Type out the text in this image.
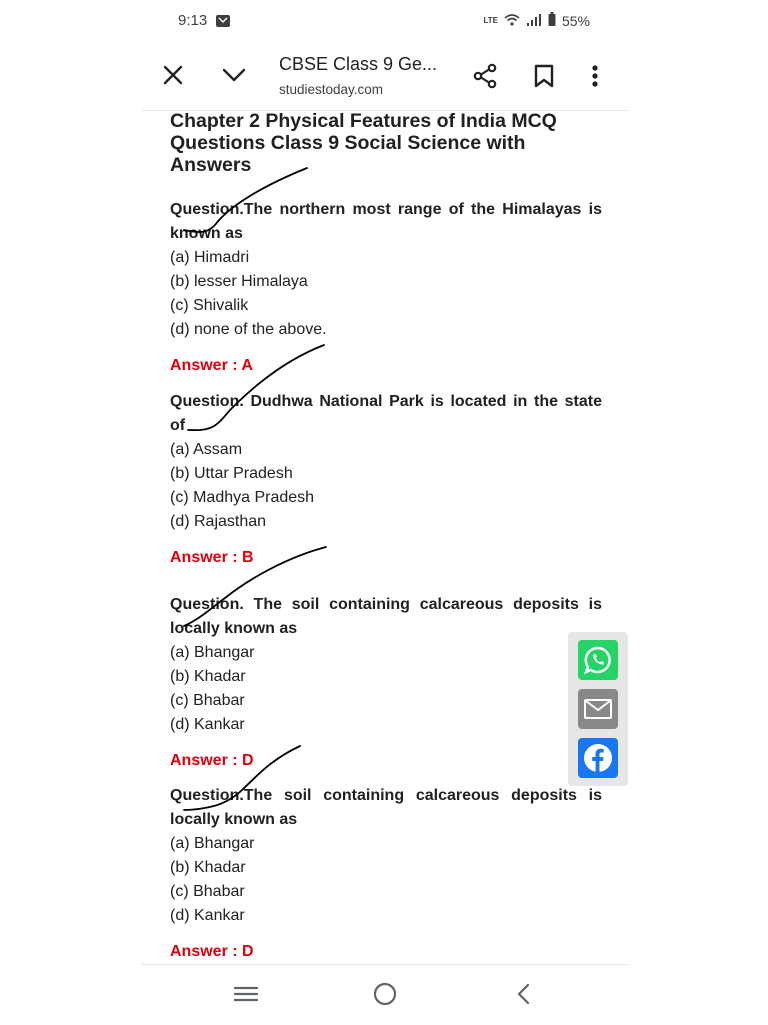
9:13	LTE	55%
CBSE Class 9 Ge...
studiestoday.com
Chapter 2 Physical Features of India MCQ Questions Class 9 Social Science with Answers
Question.The northern most range of the Himalayas is known as
(a) Himadri
(b) lesser Himalaya
(c) Shivalik
(d) none of the above.
Answer : A
Question. Dudhwa National Park is located in the state of
(a) Assam
(b) Uttar Pradesh
(c) Madhya Pradesh
(d) Rajasthan
Answer : B
Question. The soil containing calcareous deposits is locally known as
(a) Bhangar
(b) Khadar
(c) Bhabar
(d) Kankar
Answer : D
Question.The soil containing calcareous deposits is locally known as
(a) Bhangar
(b) Khadar
(c) Bhabar
(d) Kankar
Answer : D
